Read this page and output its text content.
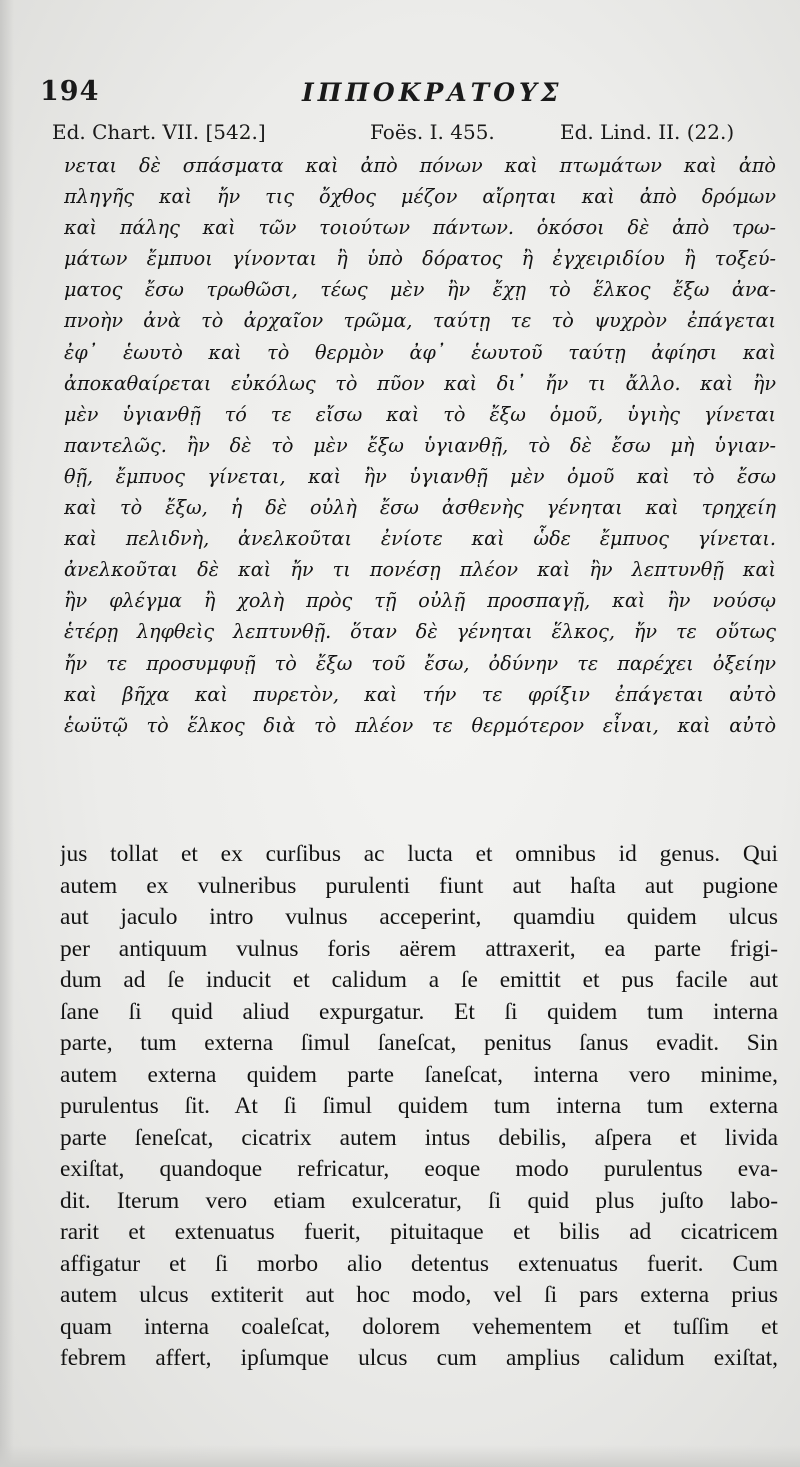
194	ΙΠΠΟΚΡΑΤΟΥΣ
Ed. Chart. VII. [542.]	Foës. I. 455.	Ed. Lind. II. (22.)
νεται δὲ σπάσματα καὶ ἀπὸ πόνων καὶ πτωμάτων καὶ ἀπὸ
πληγῆς καὶ ἤν τις ὄχθος μέζον αἴρηται καὶ ἀπὸ δρόμων
καὶ πάλης καὶ τῶν τοιούτων πάντων. ὁκόσοι δὲ ἀπὸ τρω-
μάτων ἔμπυοι γίνονται ἢ ὑπὸ δόρατος ἢ ἐγχειριδίου ἢ τοξεύ-
ματος ἔσω τρωθῶσι, τέως μὲν ἢν ἔχῃ τὸ ἕλκος ἔξω ἀνα-
πνοὴν ἀνὰ τὸ ἀρχαῖον τρῶμα, ταύτῃ τε τὸ ψυχρὸν ἐπάγεται
ἐφ᾽ ἑωυτὸ καὶ τὸ θερμὸν ἀφ᾽ ἑωυτοῦ ταύτῃ ἀφίησι καὶ
ἀποκαθαίρεται εὐκόλως τὸ πῦον καὶ δι᾽ ἤν τι ἄλλο. καὶ ἢν
μὲν ὑγιανθῇ τό τε εἴσω καὶ τὸ ἔξω ὁμοῦ, ὑγιὴς γίνεται
παντελῶς. ἢν δὲ τὸ μὲν ἔξω ὑγιανθῇ, τὸ δὲ ἔσω μὴ ὑγιαν-
θῇ, ἔμπυος γίνεται, καὶ ἢν ὑγιανθῇ μὲν ὁμοῦ καὶ τὸ ἔσω
καὶ τὸ ἔξω, ἡ δὲ οὐλὴ ἔσω ἀσθενὴς γένηται καὶ τρηχείη
καὶ πελιδνὴ, ἀνελκοῦται ἐνίοτε καὶ ὧδε ἔμπυος γίνεται.
ἀνελκοῦται δὲ καὶ ἤν τι πονέσῃ πλέον καὶ ἢν λεπτυνθῇ καὶ
ἢν φλέγμα ἢ χολὴ πρὸς τῇ οὐλῇ προσπαγῇ, καὶ ἢν νούσῳ
ἑτέρῃ ληφθεὶς λεπτυνθῇ. ὅταν δὲ γένηται ἕλκος, ἤν τε οὕτως
ἤν τε προσυμφυῇ τὸ ἔξω τοῦ ἔσω, ὀδύνην τε παρέχει ὀξείην
καὶ βῆχα καὶ πυρετὸν, καὶ τήν τε φρίξιν ἐπάγεται αὐτὸ
ἑωϋτῷ τὸ ἕλκος διὰ τὸ πλέον τε θερμότερον εἶναι, καὶ αὐτὸ
jus tollat et ex curſibus ac lucta et omnibus id genus. Qui
autem ex vulneribus purulenti fiunt aut haſta aut pugione
aut jaculo intro vulnus acceperint, quamdiu quidem ulcus
per antiquum vulnus foris aërem attraxerit, ea parte frigi-
dum ad ſe inducit et calidum a ſe emittit et pus facile aut
ſane ſi quid aliud expurgatur. Et ſi quidem tum interna
parte, tum externa ſimul ſaneſcat, penitus ſanus evadit. Sin
autem externa quidem parte ſaneſcat, interna vero minime,
purulentus ſit. At ſi ſimul quidem tum interna tum externa
parte ſeneſcat, cicatrix autem intus debilis, aſpera et livida
exiſtat, quandoque refricatur, eoque modo purulentus eva-
dit. Iterum vero etiam exulceratur, ſi quid plus juſto labo-
rarit et extenuatus fuerit, pituitaque et bilis ad cicatricem
affigatur et ſi morbo alio detentus extenuatus fuerit. Cum
autem ulcus extiterit aut hoc modo, vel ſi pars externa prius
quam interna coaleſcat, dolorem vehementem et tuſſim et
febrem affert, ipſumque ulcus cum amplius calidum exiſtat,
